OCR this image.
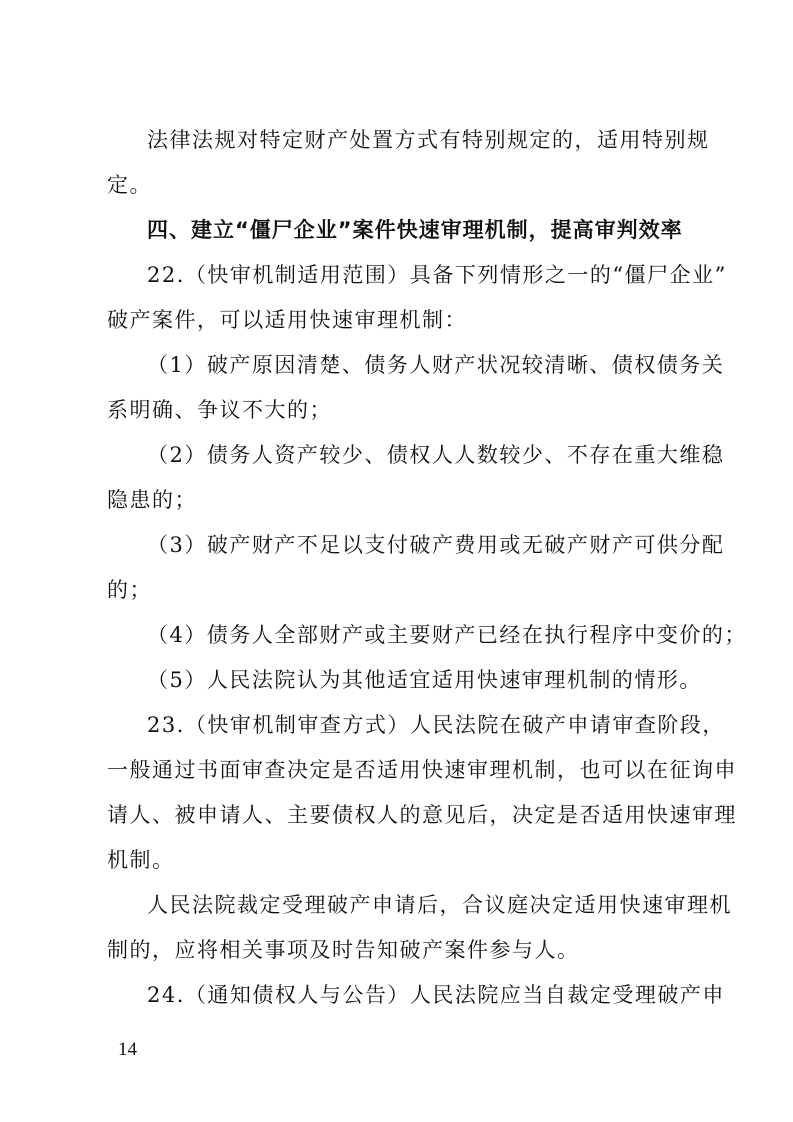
法律法规对特定财产处置方式有特别规定的，适用特别规
定。
四、建立“僵尸企业”案件快速审理机制，提高审判效率
22.（快审机制适用范围）具备下列情形之一的“僵尸企业”
破产案件，可以适用快速审理机制：
（1）破产原因清楚、债务人财产状况较清晰、债权债务关
系明确、争议不大的；
（2）债务人资产较少、债权人人数较少、不存在重大维稳
隐患的；
（3）破产财产不足以支付破产费用或无破产财产可供分配
的；
（4）债务人全部财产或主要财产已经在执行程序中变价的；
（5）人民法院认为其他适宜适用快速审理机制的情形。
23.（快审机制审查方式）人民法院在破产申请审查阶段，
一般通过书面审查决定是否适用快速审理机制，也可以在征询申
请人、被申请人、主要债权人的意见后，决定是否适用快速审理
机制。
人民法院裁定受理破产申请后，合议庭决定适用快速审理机
制的，应将相关事项及时告知破产案件参与人。
24.（通知债权人与公告）人民法院应当自裁定受理破产申
14
